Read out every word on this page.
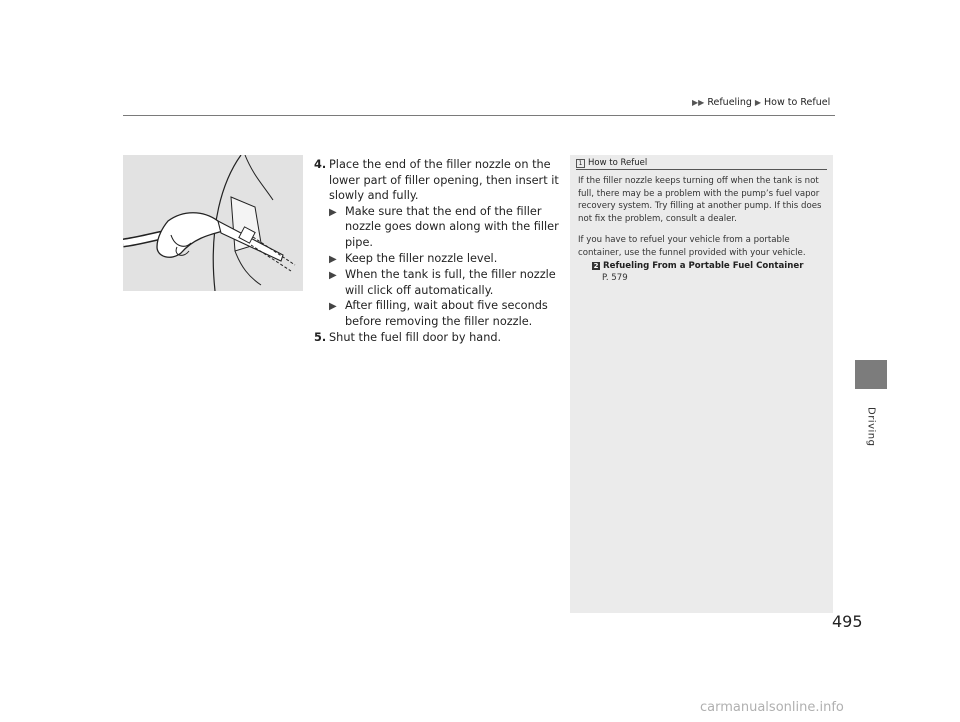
▶▶ Refueling ▶ How to Refuel
Driving
4. Place the end of the filler nozzle on the lower part of filler opening, then insert it slowly and fully.
▶ Make sure that the end of the filler nozzle goes down along with the filler pipe.
▶ Keep the filler nozzle level.
▶ When the tank is full, the filler nozzle will click off automatically.
▶ After filling, wait about five seconds before removing the filler nozzle.
5. Shut the fuel fill door by hand.
1 How to Refuel

If the filler nozzle keeps turning off when the tank is not full, there may be a problem with the pump’s fuel vapor recovery system. Try filling at another pump. If this does not fix the problem, consult a dealer.

If you have to refuel your vehicle from a portable container, use the funnel provided with your vehicle.

2 Refueling From a Portable Fuel Container
P. 579
495
carmanualsonline.info
